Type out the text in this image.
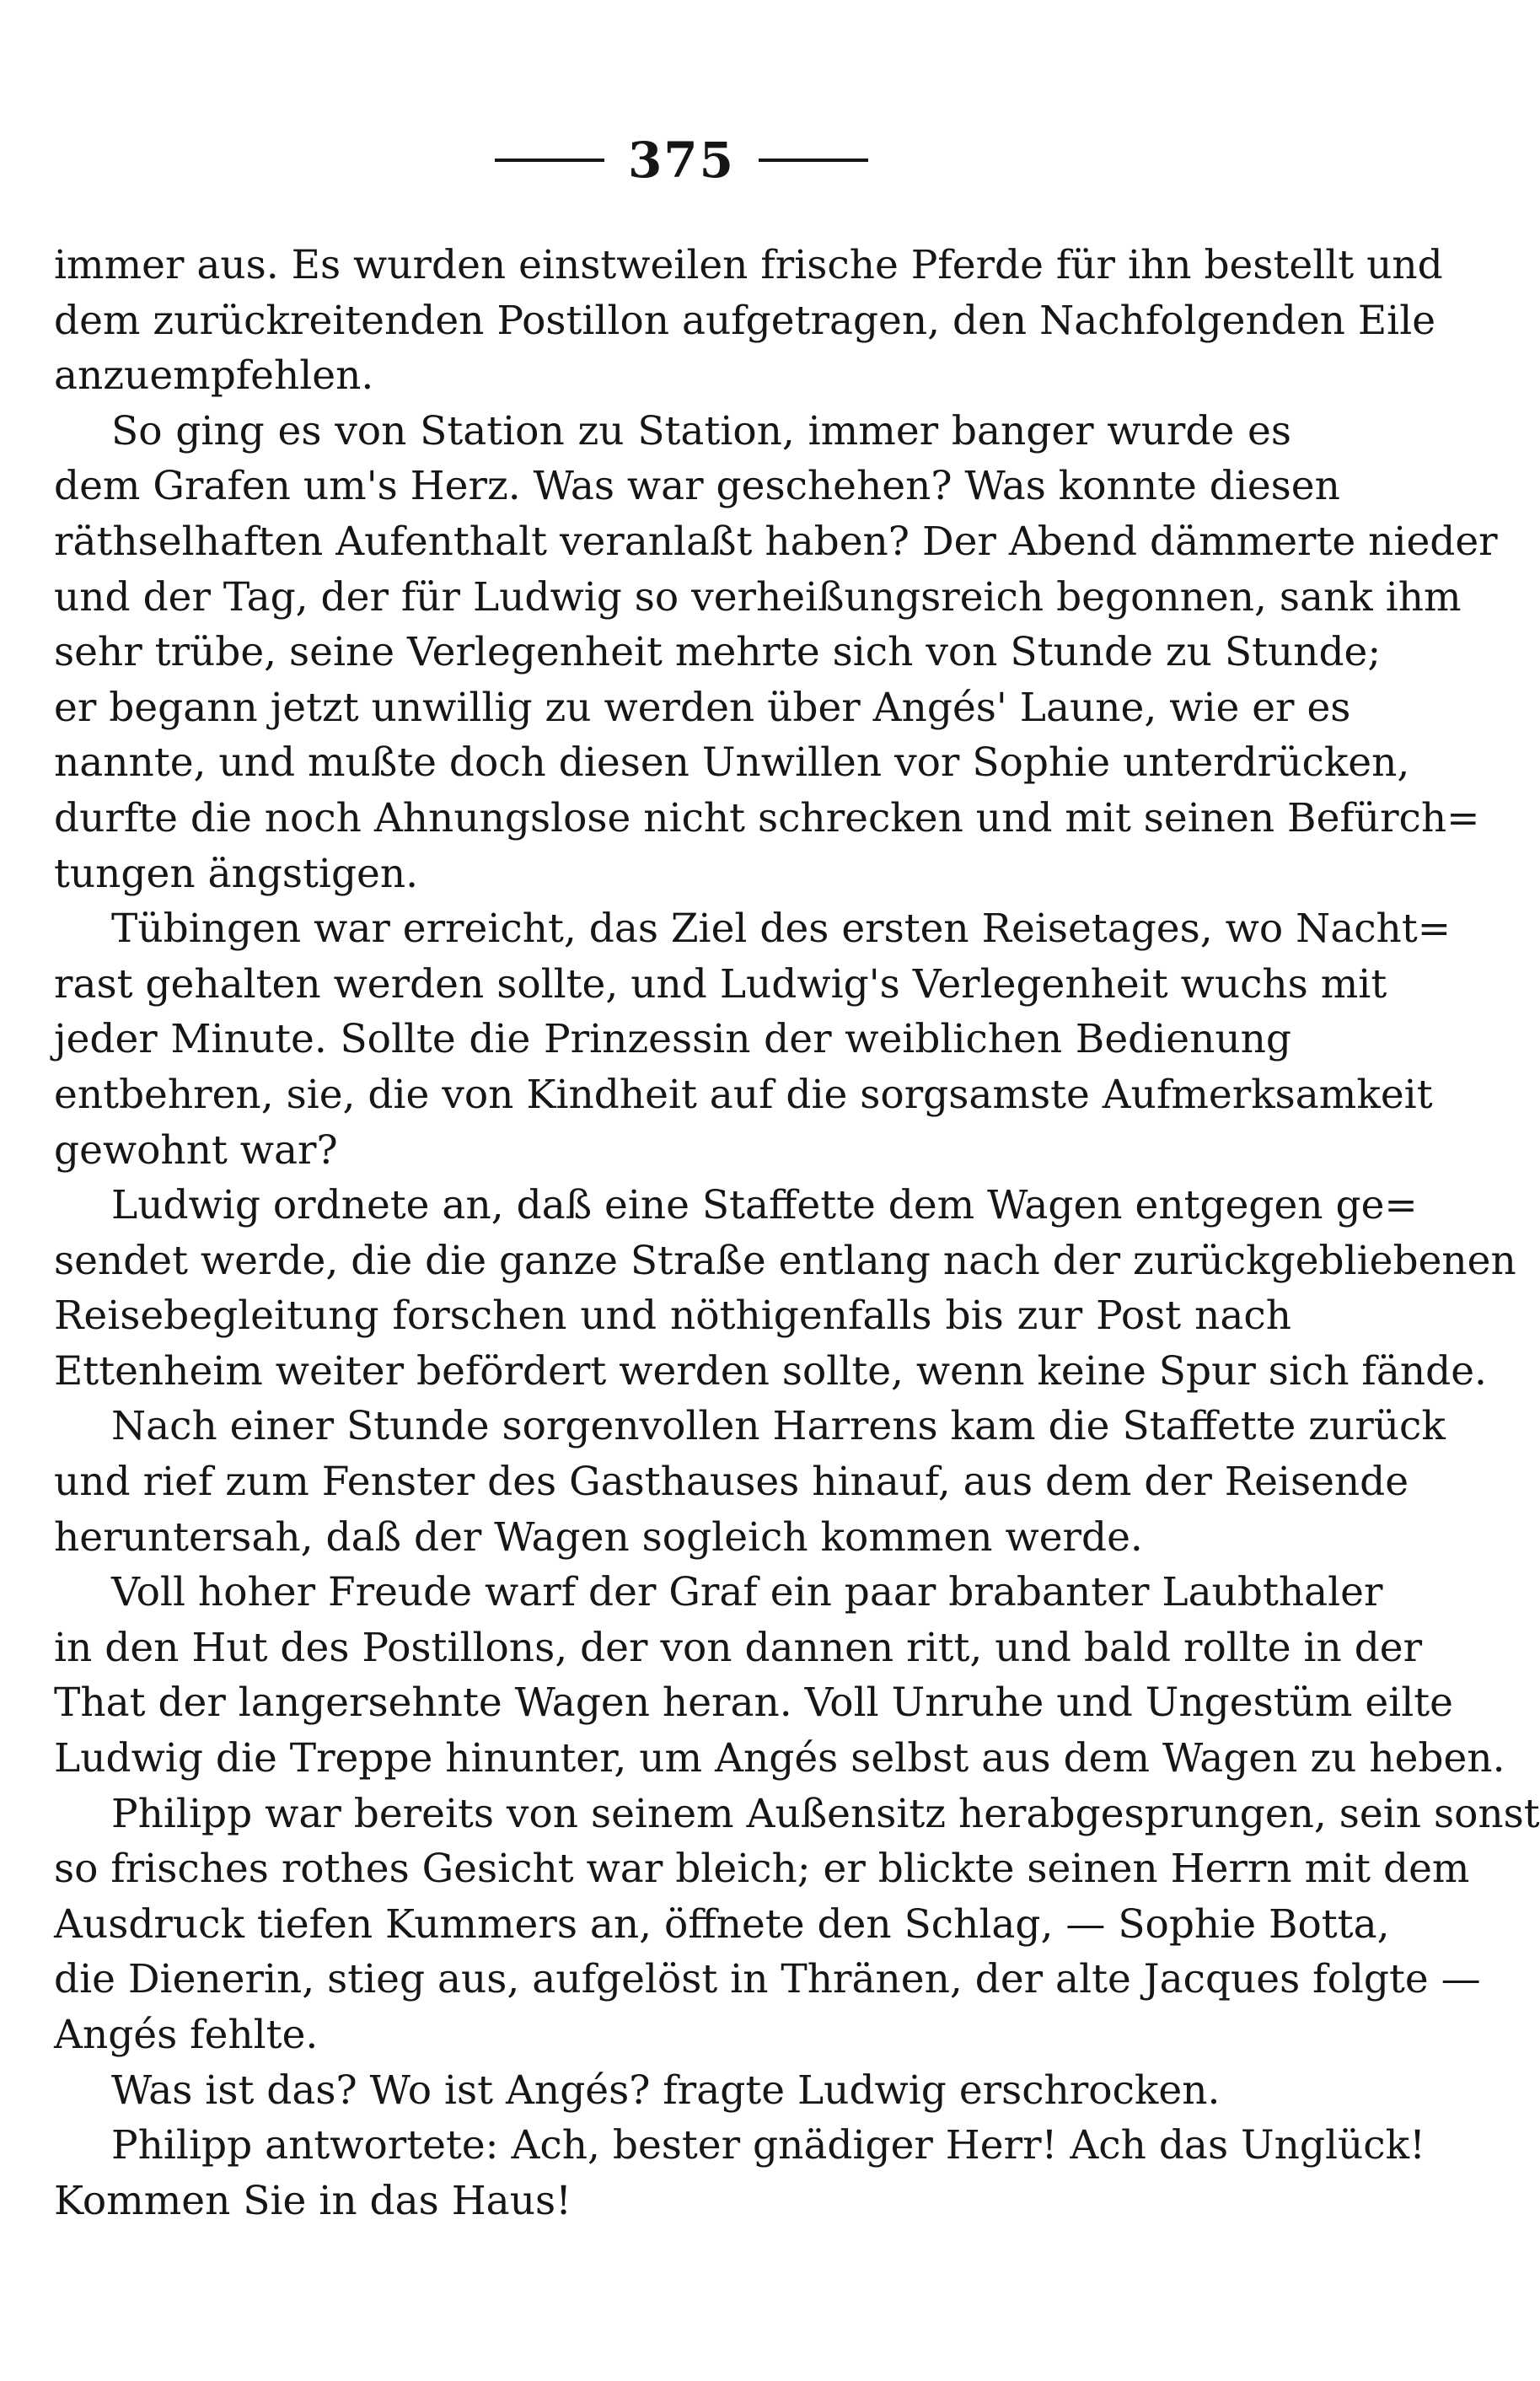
375
immer aus. Es wurden einstweilen frische Pferde für ihn bestellt und
dem zurückreitenden Postillon aufgetragen, den Nachfolgenden Eile
anzuempfehlen.
So ging es von Station zu Station, immer banger wurde es
dem Grafen um's Herz. Was war geschehen? Was konnte diesen
räthselhaften Aufenthalt veranlaßt haben? Der Abend dämmerte nieder
und der Tag, der für Ludwig so verheißungsreich begonnen, sank ihm
sehr trübe, seine Verlegenheit mehrte sich von Stunde zu Stunde;
er begann jetzt unwillig zu werden über Angés' Laune, wie er es
nannte, und mußte doch diesen Unwillen vor Sophie unterdrücken,
durfte die noch Ahnungslose nicht schrecken und mit seinen Befürch=
tungen ängstigen.
Tübingen war erreicht, das Ziel des ersten Reisetages, wo Nacht=
rast gehalten werden sollte, und Ludwig's Verlegenheit wuchs mit
jeder Minute. Sollte die Prinzessin der weiblichen Bedienung
entbehren, sie, die von Kindheit auf die sorgsamste Aufmerksamkeit
gewohnt war?
Ludwig ordnete an, daß eine Staffette dem Wagen entgegen ge=
sendet werde, die die ganze Straße entlang nach der zurückgebliebenen
Reisebegleitung forschen und nöthigenfalls bis zur Post nach
Ettenheim weiter befördert werden sollte, wenn keine Spur sich fände.
Nach einer Stunde sorgenvollen Harrens kam die Staffette zurück
und rief zum Fenster des Gasthauses hinauf, aus dem der Reisende
heruntersah, daß der Wagen sogleich kommen werde.
Voll hoher Freude warf der Graf ein paar brabanter Laubthaler
in den Hut des Postillons, der von dannen ritt, und bald rollte in der
That der langersehnte Wagen heran. Voll Unruhe und Ungestüm eilte
Ludwig die Treppe hinunter, um Angés selbst aus dem Wagen zu heben.
Philipp war bereits von seinem Außensitz herabgesprungen, sein sonst
so frisches rothes Gesicht war bleich; er blickte seinen Herrn mit dem
Ausdruck tiefen Kummers an, öffnete den Schlag, — Sophie Botta,
die Dienerin, stieg aus, aufgelöst in Thränen, der alte Jacques folgte —
Angés fehlte.
Was ist das? Wo ist Angés? fragte Ludwig erschrocken.
Philipp antwortete: Ach, bester gnädiger Herr! Ach das Unglück!
Kommen Sie in das Haus!
